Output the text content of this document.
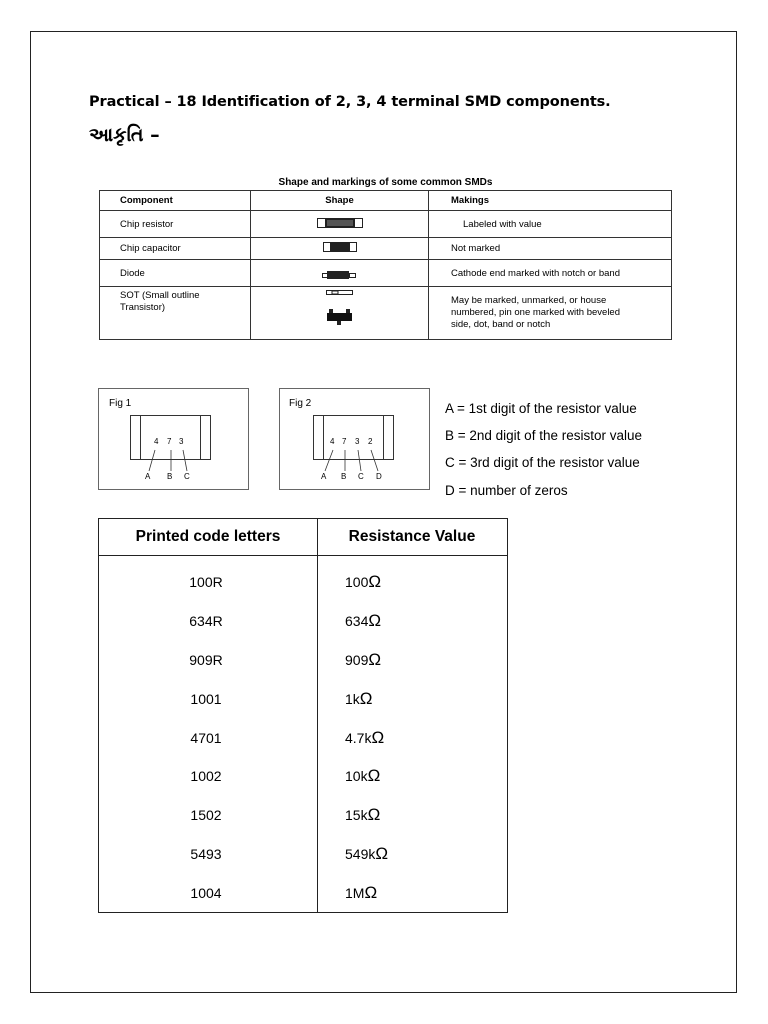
Practical – 18 Identification of 2, 3, 4 terminal SMD components.
આકૃતિ –
Shape and markings of some common SMDs
Component	Shape	Makings
Chip resistor		Labeled with value
Chip capacitor		Not marked
Diode		Cathode end marked with notch or band

SOT (Small outline
Transistor)		May be marked, unmarked, or house
numbered, pin one marked with beveled
side, dot, band or notch
Fig 1
4 7 3
A B C
Fig 2
4 7 3 2
A B C D
A = 1st digit of the resistor value
B = 2nd digit of the resistor value
C = 3rd digit of the resistor value
D = number of zeros
Printed code letters	Resistance Value
100R	100Ω
634R	634Ω
909R	909Ω
1001	1kΩ
4701	4.7kΩ
1002	10kΩ
1502	15kΩ
5493	549kΩ
1004	1MΩ
